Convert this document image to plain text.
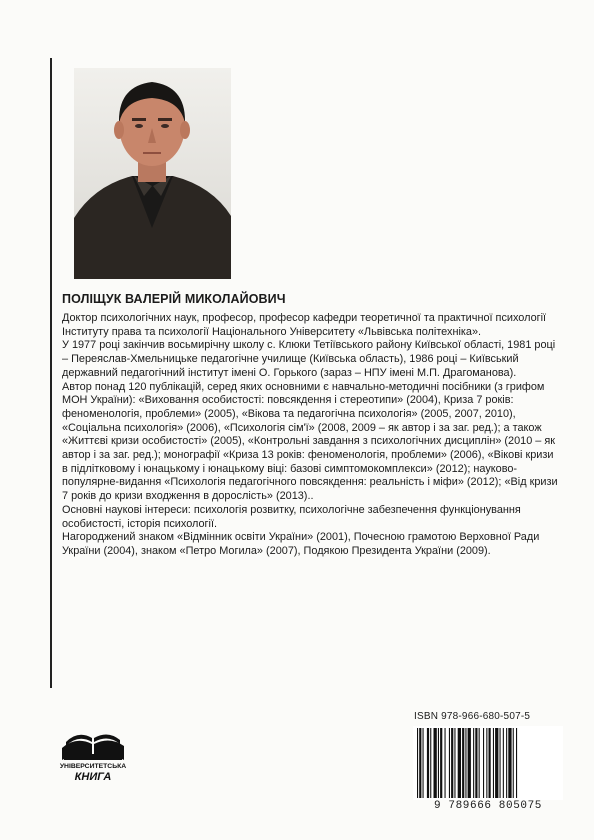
ПОЛІЩУК ВАЛЕРІЙ МИКОЛАЙОВИЧ

Доктор психологічних наук, професор, професор кафедри теоретичної та практичної психології Інституту права та психології Національного Університету «Львівська політехніка».

У 1977 році закінчив восьмирічну школу с. Клюки Тетіївського району Київської області, 1981 році – Переяслав-Хмельницьке педагогічне училище (Київська область), 1986 році – Київський державний педагогічний інститут імені О. Горького (зараз – НПУ імені М.П. Драгоманова).

Автор понад 120 публікацій, серед яких основними є навчально-методичні посібники (з грифом МОН України): «Виховання особистості: повсякдення і стереотипи» (2004), Криза 7 років: феноменологія, проблеми» (2005), «Вікова та педагогічна психологія» (2005, 2007, 2010), «Соціальна психологія» (2006), «Психологія сім'ї» (2008, 2009 – як автор і за заг. ред.); а також «Життєві кризи особистості» (2005), «Контрольні завдання з психологічних дисциплін» (2010 – як автор і за заг. ред.); монографії «Криза 13 років: феноменологія, проблеми» (2006), «Вікові кризи в підлітковому і юнацькому і юнацькому віці: базові симптомокомплекси» (2012); науково-популярне-видання «Психологія педагогічного повсякдення: реальність і міфи» (2012); «Від кризи 7 років до кризи входження в дорослість» (2013)..

Основні наукові інтереси: психологія розвитку, психологічне забезпечення функціонування особистості, історія психології.

Нагороджений знаком «Відмінник освіти України» (2001), Почесною грамотою Верховної Ради України (2004), знаком «Петро Могила» (2007), Подякою Президента України (2009).

УНІВЕРСИТЕТСЬКА
КНИГА
ISBN 978-966-680-507-5
9 789666 805075
